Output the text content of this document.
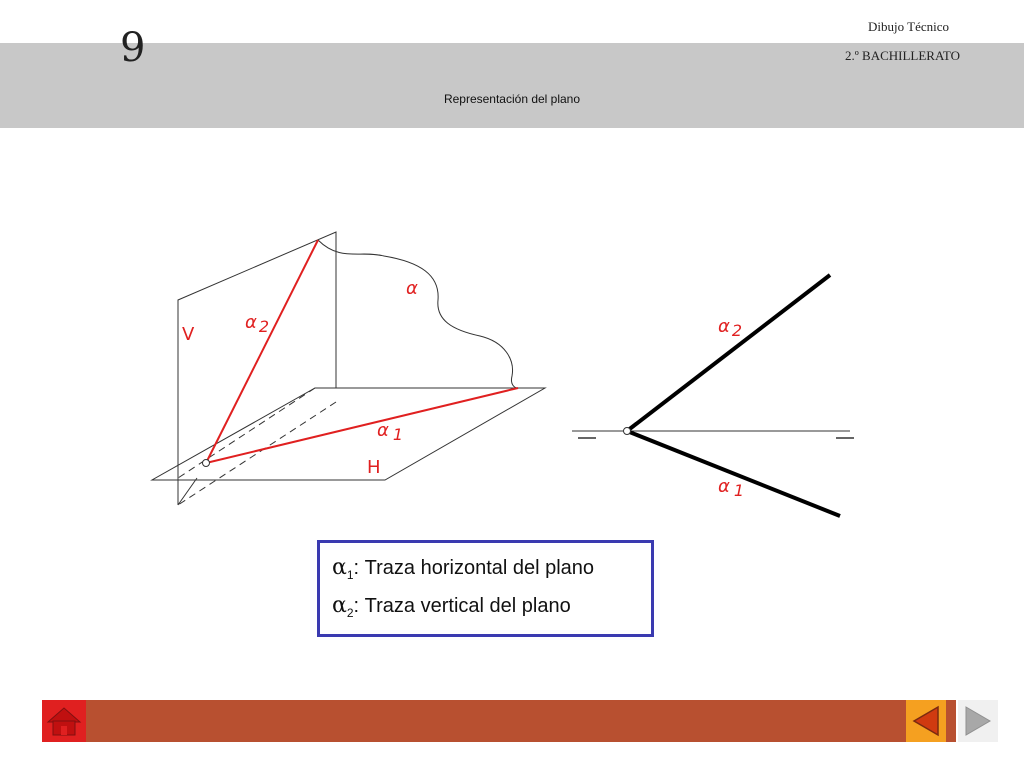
9	Dibujo Técnico
2.º BACHILLERATO
Representación del plano
α
α 2
α 1
α 2
α 1
V
H
$\alpha_1$: Traza horizontal del plano
$\alpha_2$: Traza vertical del plano
